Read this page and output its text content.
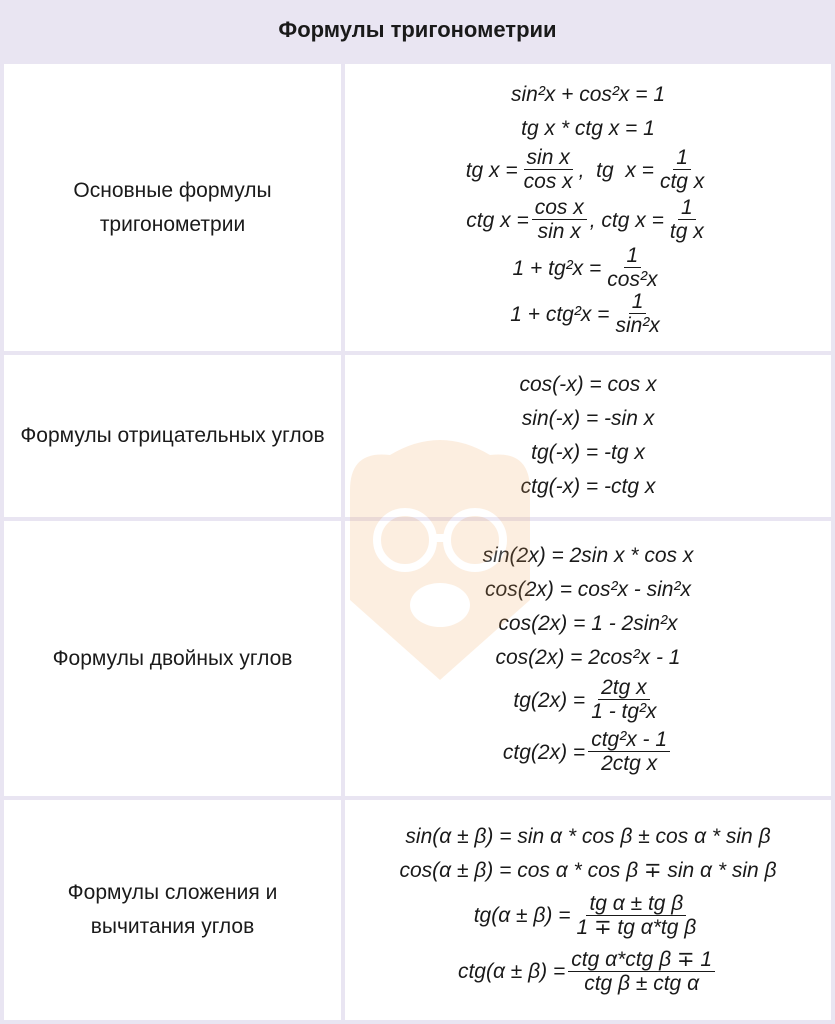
Формулы тригонометрии
Основные формулы тригонометрии
sin²x + cos²x = 1
tg x * ctg x = 1
tg $x = \frac{\text{sin x}}{\text{cos x}}$ ,  tg  $x = \frac{1}{\text{ctg x}}$
ctg $x = \frac{\text{cos x}}{\text{sin x}}$ , ctg $x = \frac{1}{\text{tg x}}$
$1 + tg^2x = \frac{1}{\text{cos²x}}$
$1 + ctg^2x = \frac{1}{\text{sin²x}}$
Формулы отрицательных углов
cos(-x) = cos x
sin(-x) = -sin x
tg(-x) = -tg x
ctg(-x) = -ctg x
Формулы двойных углов
sin(2x) = 2sin x * cos x
cos(2x) = cos²x - sin²x
cos(2x) = 1 - 2sin²x
cos(2x) = 2cos²x - 1
$tg(2x) = \frac{\text{2tg x}}{\text{1 - tg²x}}$
$ctg(2x) = \frac{\text{ctg²x - 1}}{\text{2ctg x}}$
Формулы сложения и вычитания углов
sin(α ± β) = sin α * cos β ± cos α * sin β
cos(α ± β) = cos α * cos β ∓ sin α * sin β
$tg(\alpha \pm \beta) = \frac{\text{tg α ± tg β}}{\text{1 ∓ tg α*tg β}}$
$ctg(\alpha \pm \beta) = \frac{\text{ctg α*ctg β ∓ 1}}{\text{ctg β ± ctg α}}$
